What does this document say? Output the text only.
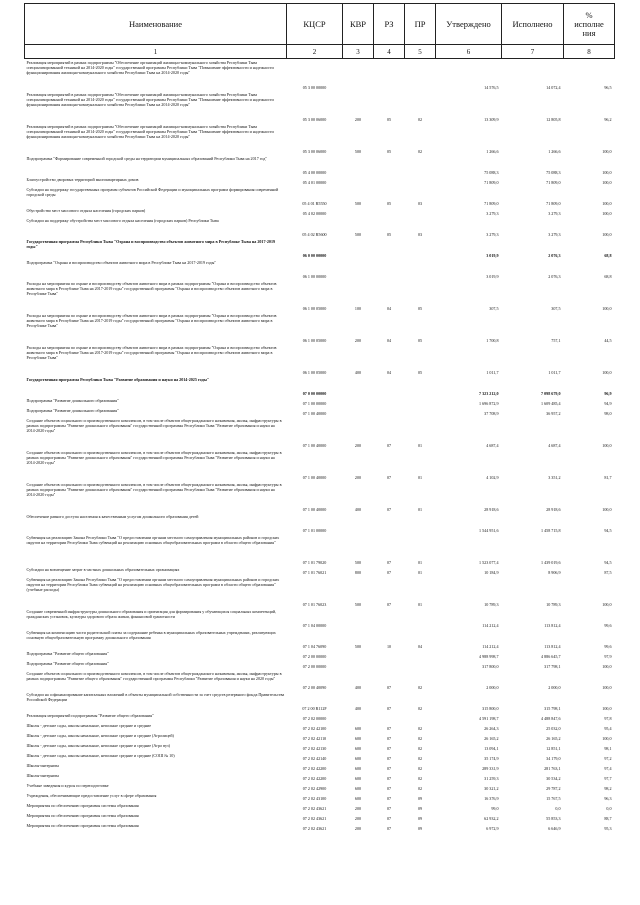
Наименование	КЦСР	КВР	РЗ	ПР	Утверждено	Исполнено	%
исполне
ния
1	2	3	4	5	6	7	8
Реализация мероприятий в рамках подпрограммы "Обеспечение организаций жилищно-коммунального хозяйства Республики Тыва специализированной техникой на 2014-2020 годы" государственной программы Республики Тыва "Повышение эффективности и надежности функционирования жилищно-коммунального хозяйства Республики Тыва на 2014-2020 годы"	05 3 00 00000				14 576,5	14 072,4	96,5
Реализация мероприятий в рамках подпрограммы "Обеспечение организаций жилищно-коммунального хозяйства Республики Тыва специализированной техникой на 2014-2020 годы" государственной программы Республики Тыва "Повышение эффективности и надежности функционирования жилищно-коммунального хозяйства Республики Тыва на 2014-2020 годы"	05 3 00 06000	200	05	02	13 309,9	12 805,8	96,2
Реализация мероприятий в рамках подпрограммы "Обеспечение организаций жилищно-коммунального хозяйства Республики Тыва специализированной техникой на 2014-2020 годы" государственной программы Республики Тыва "Повышение эффективности и надежности функционирования жилищно-коммунального хозяйства Республики Тыва на 2014-2020 годы"	05 3 00 06000	500	05	02	1 266,6	1 266,6	100,0
Подпрограмма "Формирование современной городской среды на территории муниципальных образований Республики Тыва на 2017 год"	05 4 00 00000				75 088,3	75 088,3	100,0
Благоустройство дворовых территорий многоквартирных домов	05 4 01 00000				71 809,0	71 809,0	100,0
Субсидии на поддержку государственных программ субъектов Российской Федерации и муниципальных программ формирования современной городской среды	05 4 01 R5550	500	05	03	71 809,0	71 809,0	100,0
Обустройство мест массового отдыха населения (городских парков)	05 4 02 00000				3 279,3	3 279,3	100,0
Субсидии на поддержку обустройства мест массового отдыха населения (городских парков) Республики Тыва	05 4 02 R5600	500	05	03	3 279,3	3 279,3	100,0
Государственная программа Республики Тыва "Охрана и воспроизводство объектов животного мира в Республике Тыва на 2017-2019 годы"	06 0 00 00000				3 019,9	2 076,3	68,8
Подпрограмма "Охрана и воспроизводство объектов животного мира в Республике Тыва на 2017-2019 годы"	06 1 00 00000				3 019,9	2 076,3	68,8
Расходы на мероприятия по охране и воспроизводству объектов животного мира в рамках подпрограммы "Охрана и воспроизводство объектов животного мира в Республике Тыва на 2017-2019 годы" государственной программы "Охрана и воспроизводство объектов животного мира в Республике Тыва"	06 1 00 05000	100	04	05	307,5	307,5	100,0
Расходы на мероприятия по охране и воспроизводству объектов животного мира в рамках подпрограммы "Охрана и воспроизводство объектов животного мира в Республике Тыва на 2017-2019 годы" государственной программы "Охрана и воспроизводство объектов животного мира в Республике Тыва"	06 1 00 05000	200	04	05	1 700,8	757,1	44,5
Расходы на мероприятия по охране и воспроизводству объектов животного мира в рамках подпрограммы "Охрана и воспроизводство объектов животного мира в Республике Тыва на 2017-2019 годы" государственной программы "Охрана и воспроизводство объектов животного мира в Республике Тыва"	06 1 00 05000	400	04	05	1 011,7	1 011,7	100,0
Государственная программа Республики Тыва "Развитие образования и науки на 2014-2025 годы"	07 0 00 00000				7 323 212,0	7 098 679,0	96,9
Подпрограмма "Развитие дошкольного образования"	07 1 00 00000				1 696 872,9	1 609 485,4	94,9
Подпрограмма "Развитие дошкольного образования"	07 1 00 40000				37 708,9	36 957,2	98,0
Создание объектов социального и производственного комплексов, в том числе объектов общегражданского назначения, жилья, инфраструктуры в рамках подпрограммы "Развитие дошкольного образования" государственной программы Республики Тыва "Развитие образования и науки на 2014-2020 годы"	07 1 00 40000	200	07	01	4 687,4	4 687,4	100,0
Создание объектов социального и производственного комплексов, в том числе объектов общегражданского назначения, жилья, инфраструктуры в рамках подпрограммы "Развитие дошкольного образования" государственной программы Республики Тыва "Развитие образования и науки на 2014-2020 годы"	07 1 00 40000	200	07	01	4 102,9	3 351,2	81,7
Создание объектов социального и производственного комплексов, в том числе объектов общегражданского назначения, жилья, инфраструктуры в рамках подпрограммы "Развитие дошкольного образования" государственной программы Республики Тыва "Развитие образования и науки на 2014-2020 годы"	07 1 00 40000	400	07	01	28 918,6	28 918,6	100,0
Обеспечение равного доступа населения к качественным услугам дошкольного образования детей	07 1 01 00000				1 544 951,6	1 458 715,8	94,5
Субвенция на реализацию Закона Республики Тыва "О предоставлении органам местного самоуправления муниципальных районов и городских округов на территории Республики Тыва субвенций на реализацию основных общеобразовательных программ в области общего образования"	07 1 01 79020	500	07	01	1 523 077,4	1 439 019,6	94,5
Субсидии на возмещение затрат в частных дошкольных образовательных организациях	07 1 01 76021	800	07	01	10 184,9	8 906,9	87,5
Субвенция на реализацию Закона Республики Тыва "О предоставлении органам местного самоуправления муниципальных районов и городских округов на территории Республики Тыва субвенций на реализацию основных общеобразовательных программ в области общего образования" (учебные расходы)	07 1 01 76023	500	07	01	10 789,3	10 789,3	100,0
Создание современной инфраструктуры дошкольного образования и ориентация для формирования у обучающихся социальных компетенций, гражданских установок, культуры здорового образа жизни, финансовой грамотности	07 1 04 00000				114 212,4	113 812,4	99,6
Субвенция на компенсацию части родительской платы за содержание ребенка в муниципальных образовательных учреждениях, реализующих основную общеобразовательную программу дошкольного образования	07 1 04 76090	500	10	04	114 212,4	113 812,4	99,6
Подпрограмма "Развитие общего образования"	07 2 00 00000				4 988 998,7	4 886 645,7	97,9
Подпрограмма "Развитие общего образования"	07 2 00 00000				317 800,0	317 798,1	100,0
Создание объектов социального и производственного комплексов, в том числе объектов общегражданского назначения, жилья, инфраструктуры в рамках подпрограммы "Развитие общего образования" государственной программы Республики "Развитие образования и науки на 2020 годы"	07 2 00 40090	400	07	02	2 000,0	2 000,0	100,0
Субсидии на софинансирование капитальных вложений в объекты муниципальной собственности за счет средств резервного фонда Правительства Российской Федерации	07 2 00 R112F	400	07	02	315 800,0	315 798,1	100,0
Реализация мероприятий подпрограммы "Развитие общего образования"	07 2 02 00000				4 591 198,7	4 488 847,6	97,8
Школы - детские сады, школы начальные, неполные средние и средние	07 2 02 42100	600	07	02	26 264,3	25 032,0	95,4
Школы - детские сады, школы начальные, неполные средние и средние (Агролицей)	07 2 02 42110	600	07	02	26 165,2	26 165,2	100,0
Школы - детские сады, школы начальные, неполные средние и средние (Агро вуз)	07 2 02 42130	600	07	02	13 094,1	12 851,1	98,1
Школы - детские сады, школы начальные, неполные средние и средние (СОШ № 10)	07 2 02 42140	600	07	02	35 174,9	34 179,0	97,2
Школы-интернаты	07 2 02 42200	600	07	02	289 331,9	281 763,1	97,4
Школы-интернаты	07 2 02 42200	600	07	02	31 259,3	30 534,2	97,7
Учебные заведения и курсы по переподготовке	07 2 02 42900	600	07	02	30 321,2	29 787,2	98,2
Учреждения, обеспечивающие предоставление услуг в сфере образования	07 2 02 43100	600	07	09	16 376,9	15 767,5	96,3
Мероприятия по обеспечению программы системы образования	07 2 02 43621	200	07	09	99,0	0,0	0,0
Мероприятия по обеспечению программы системы образования	07 2 02 43621	200	07	09	62 932,2	55 853,3	88,7
Мероприятия по обеспечению программы системы образования	07 2 02 43621	200	07	09	6 972,9	6 646,9	95,3
